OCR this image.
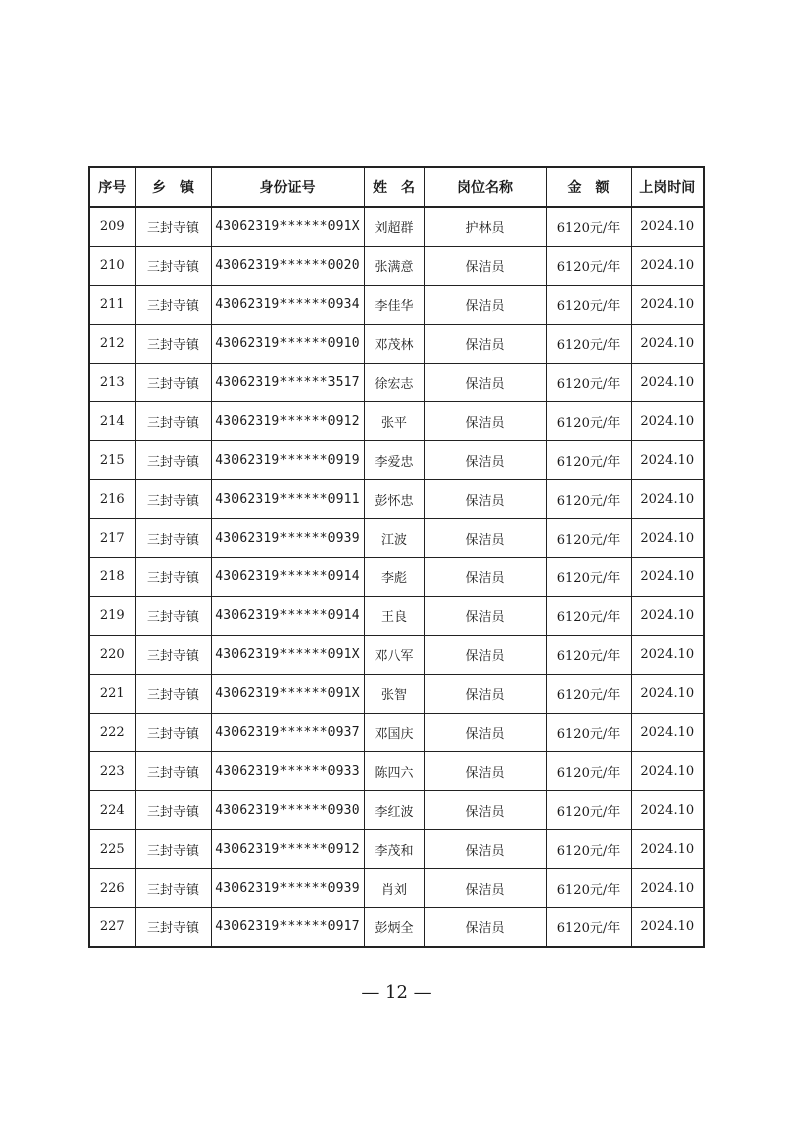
序号	乡　镇	身份证号	姓　名	岗位名称	金　额	上岗时间
209	三封寺镇	43062319******091X	刘超群	护林员	6120元/年	2024.10
210	三封寺镇	43062319******0020	张满意	保洁员	6120元/年	2024.10
211	三封寺镇	43062319******0934	李佳华	保洁员	6120元/年	2024.10
212	三封寺镇	43062319******0910	邓茂林	保洁员	6120元/年	2024.10
213	三封寺镇	43062319******3517	徐宏志	保洁员	6120元/年	2024.10
214	三封寺镇	43062319******0912	张平	保洁员	6120元/年	2024.10
215	三封寺镇	43062319******0919	李爱忠	保洁员	6120元/年	2024.10
216	三封寺镇	43062319******0911	彭怀忠	保洁员	6120元/年	2024.10
217	三封寺镇	43062319******0939	江波	保洁员	6120元/年	2024.10
218	三封寺镇	43062319******0914	李彪	保洁员	6120元/年	2024.10
219	三封寺镇	43062319******0914	王良	保洁员	6120元/年	2024.10
220	三封寺镇	43062319******091X	邓八军	保洁员	6120元/年	2024.10
221	三封寺镇	43062319******091X	张智	保洁员	6120元/年	2024.10
222	三封寺镇	43062319******0937	邓国庆	保洁员	6120元/年	2024.10
223	三封寺镇	43062319******0933	陈四六	保洁员	6120元/年	2024.10
224	三封寺镇	43062319******0930	李红波	保洁员	6120元/年	2024.10
225	三封寺镇	43062319******0912	李茂和	保洁员	6120元/年	2024.10
226	三封寺镇	43062319******0939	肖刘	保洁员	6120元/年	2024.10
227	三封寺镇	43062319******0917	彭炳全	保洁员	6120元/年	2024.10
— 12 —
